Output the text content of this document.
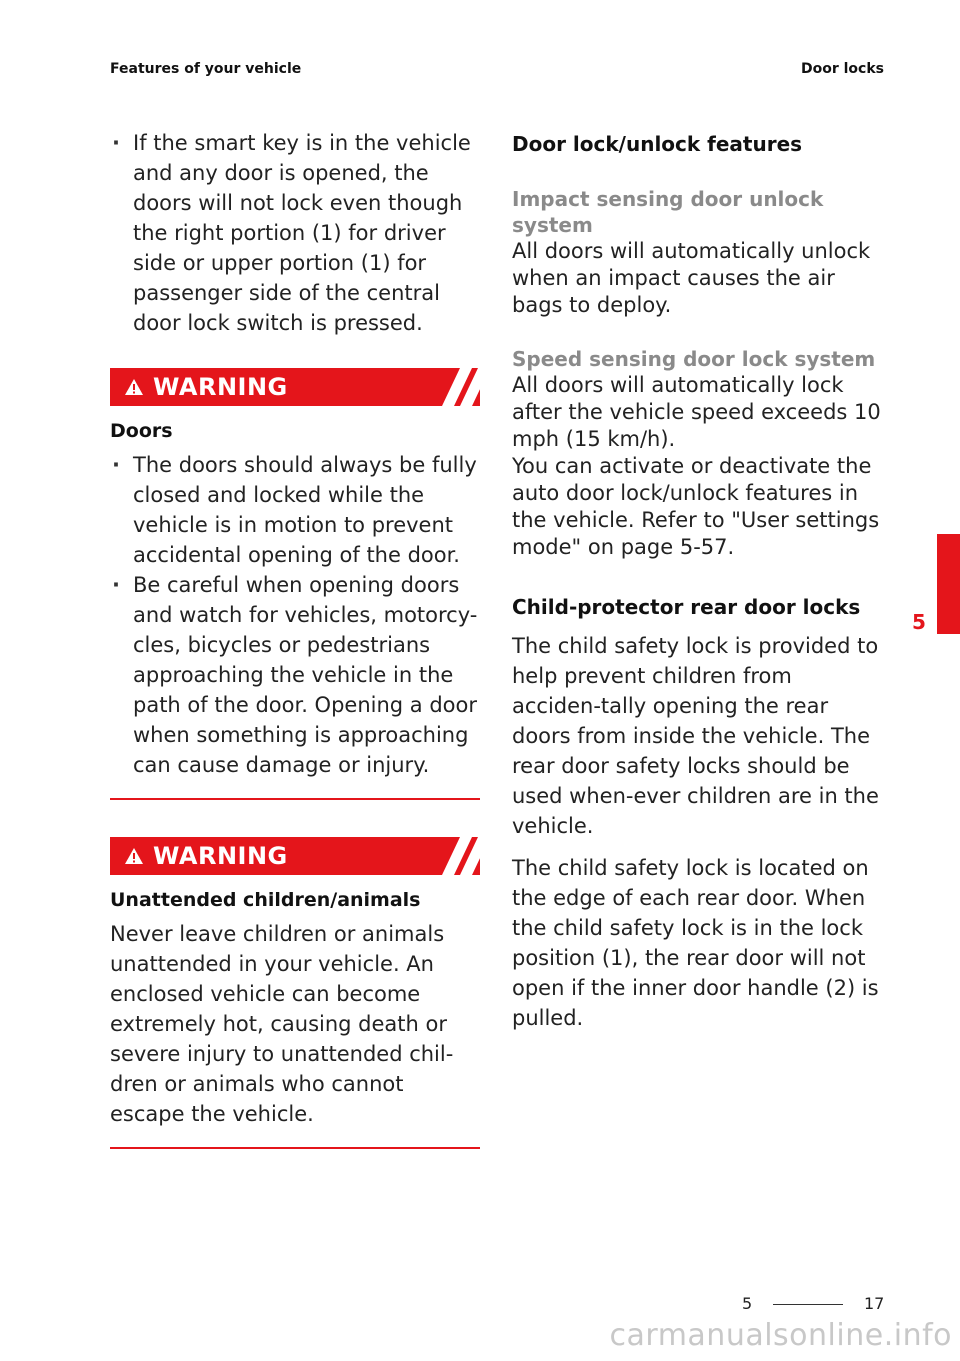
Features of your vehicle	Door locks
· If the smart key is in the vehicle and any door is opened, the doors will not lock even though the right portion (1) for driver side or upper portion (1) for passenger side of the central door lock switch is pressed.
WARNING
Doors
· The doors should always be fully closed and locked while the vehicle is in motion to prevent accidental opening of the door.
· Be careful when opening doors and watch for vehicles, motorcy-cles, bicycles or pedestrians approaching the vehicle in the path of the door. Opening a door when something is approaching can cause damage or injury.
WARNING
Unattended children/animals
Never leave children or animals unattended in your vehicle. An enclosed vehicle can become extremely hot, causing death or severe injury to unattended chil-dren or animals who cannot escape the vehicle.
Door lock/unlock features
Impact sensing door unlock system
All doors will automatically unlock when an impact causes the air bags to deploy.
Speed sensing door lock system
All doors will automatically lock after the vehicle speed exceeds 10 mph (15 km/h).
You can activate or deactivate the auto door lock/unlock features in the vehicle. Refer to "User settings mode" on page 5-57.
Child-protector rear door locks
The child safety lock is provided to help prevent children from acciden-tally opening the rear doors from inside the vehicle. The rear door safety locks should be used when-ever children are in the vehicle.
The child safety lock is located on the edge of each rear door. When the child safety lock is in the lock position (1), the rear door will not open if the inner door handle (2) is pulled.
5
5	17
carmanualsonline.info
